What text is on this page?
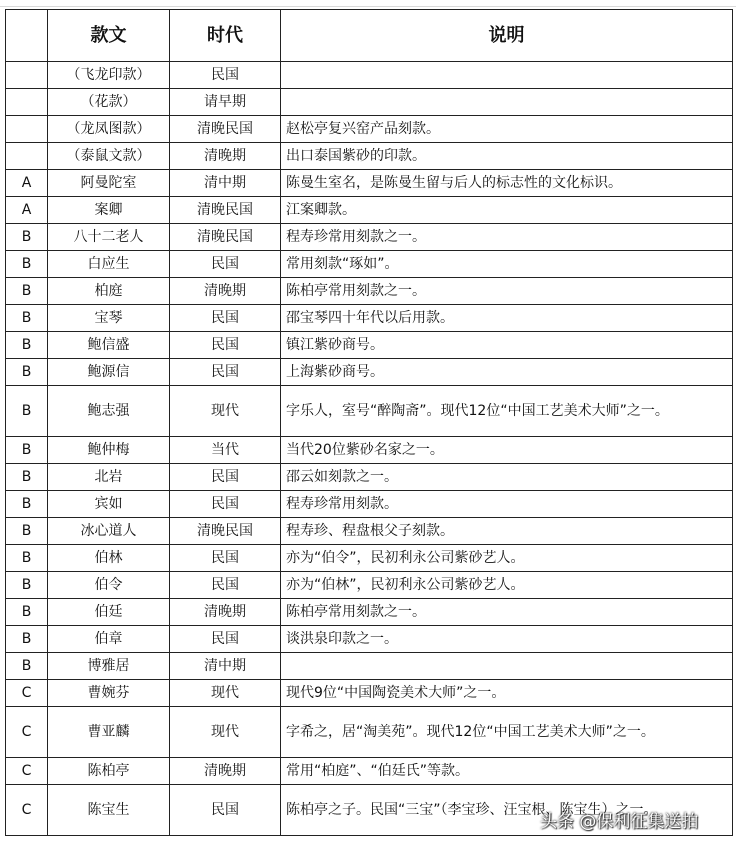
	款文	时代	说明
	（飞龙印款）	民国	
	（花款）	请早期	
	（龙凤图款）	清晚民国	赵松亭复兴窑产品刻款。
	（泰鼠文款）	清晚期	出口泰国紫砂的印款。
A	阿曼陀室	清中期	陈曼生室名，是陈曼生留与后人的标志性的文化标识。
A	案卿	清晚民国	江案卿款。
B	八十二老人	清晚民国	程寿珍常用刻款之一。
B	白应生	民国	常用刻款“琢如”。
B	柏庭	清晚期	陈柏亭常用刻款之一。
B	宝琴	民国	邵宝琴四十年代以后用款。
B	鲍信盛	民国	镇江紫砂商号。
B	鲍源信	民国	上海紫砂商号。
B	鲍志强	现代	字乐人，室号“醉陶斋”。现代12位“中国工艺美术大师”之一。
B	鲍仲梅	当代	当代20位紫砂名家之一。
B	北岩	民国	邵云如刻款之一。
B	宾如	民国	程寿珍常用刻款。
B	冰心道人	清晚民国	程寿珍、程盘根父子刻款。
B	伯林	民国	亦为“伯令”，民初利永公司紫砂艺人。
B	伯令	民国	亦为“伯林”，民初利永公司紫砂艺人。
B	伯廷	清晚期	陈柏亭常用刻款之一。
B	伯章	民国	谈洪泉印款之一。
B	博雅居	清中期	
C	曹婉芬	现代	现代9位“中国陶瓷美术大师”之一。
C	曹亚麟	现代	字希之，居“淘美苑”。现代12位“中国工艺美术大师”之一。
C	陈柏亭	清晚期	常用“柏庭”、“伯廷氏”等款。
C	陈宝生	民国	陈柏亭之子。民国“三宝”（李宝珍、汪宝根、陈宝生）之一。
头条 @保利征集送拍
